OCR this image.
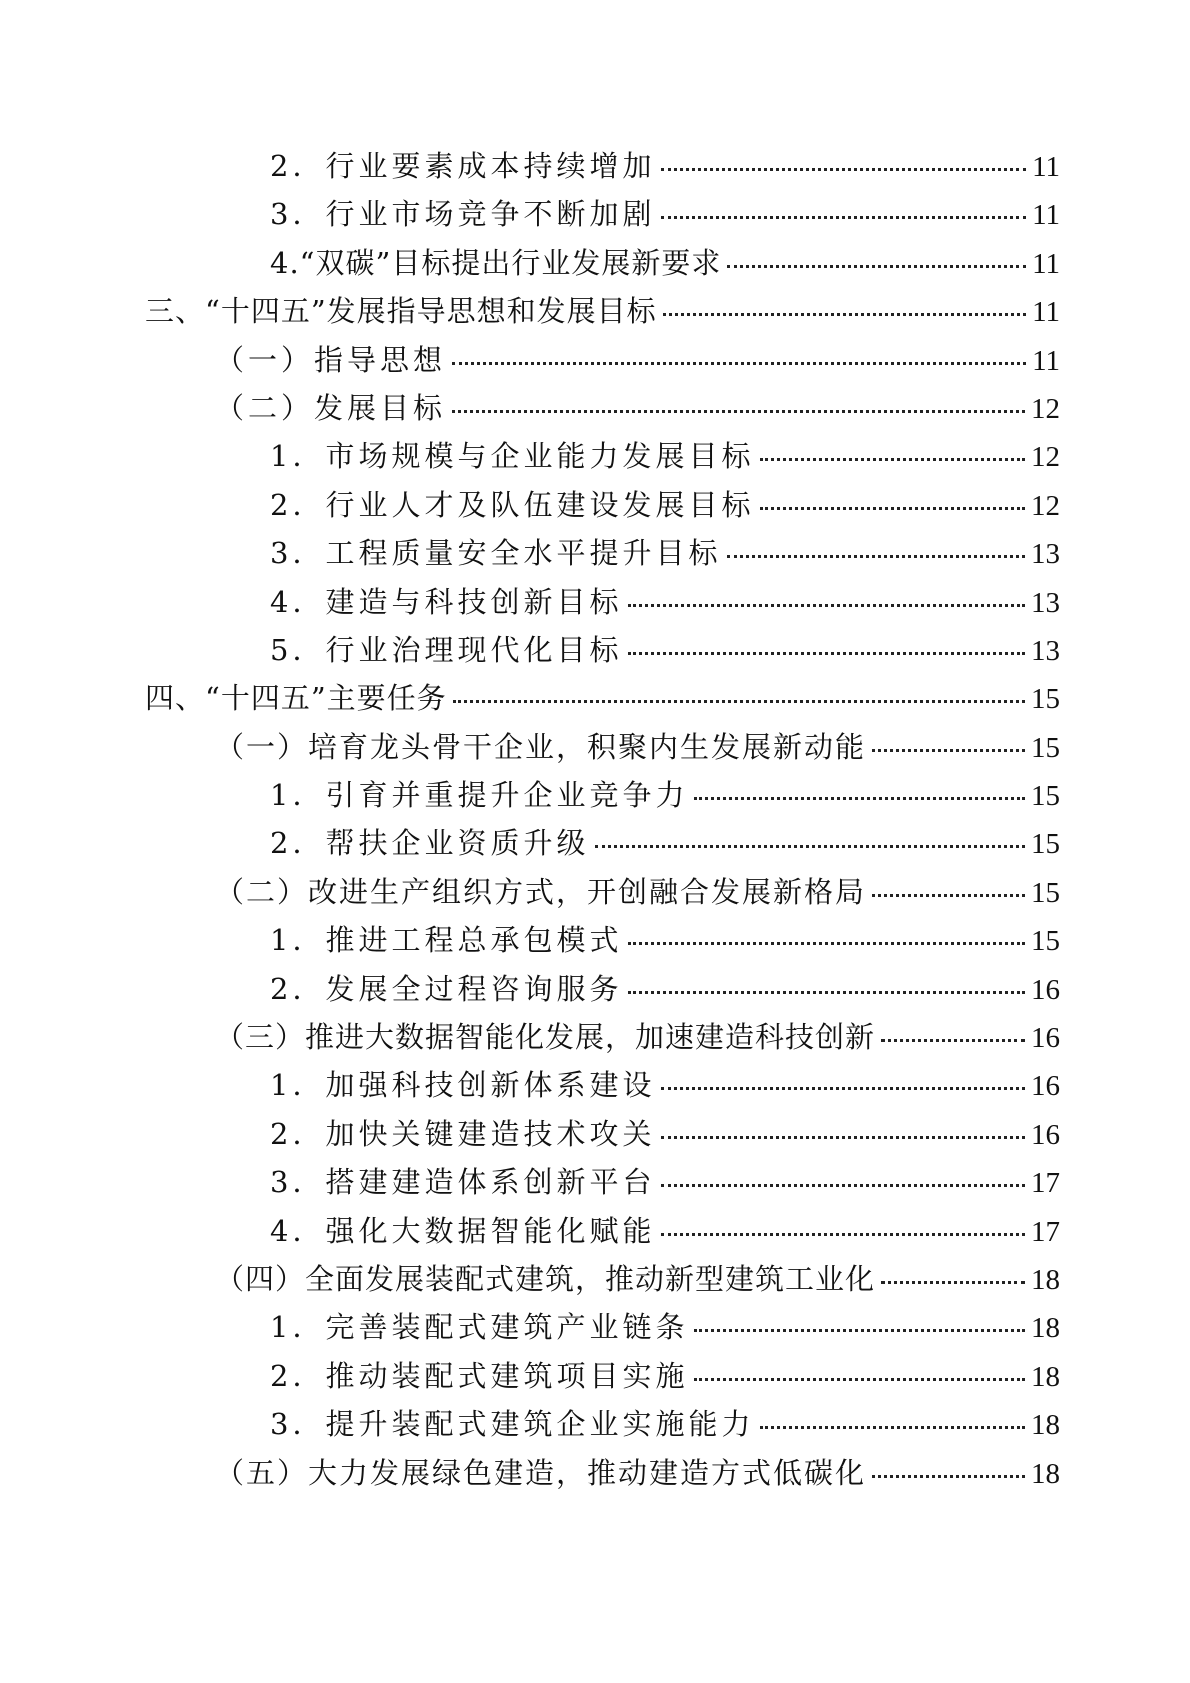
2．行业要素成本持续增加	11
3．行业市场竞争不断加剧	11
4.“双碳”目标提出行业发展新要求	11
三、“十四五”发展指导思想和发展目标	11
（一）指导思想	11
（二）发展目标	12
1．市场规模与企业能力发展目标	12
2．行业人才及队伍建设发展目标	12
3．工程质量安全水平提升目标	13
4．建造与科技创新目标	13
5．行业治理现代化目标	13
四、“十四五”主要任务	15
（一）培育龙头骨干企业，积聚内生发展新动能	15
1．引育并重提升企业竞争力	15
2．帮扶企业资质升级	15
（二）改进生产组织方式，开创融合发展新格局	15
1．推进工程总承包模式	15
2．发展全过程咨询服务	16
（三）推进大数据智能化发展，加速建造科技创新	16
1．加强科技创新体系建设	16
2．加快关键建造技术攻关	16
3．搭建建造体系创新平台	17
4．强化大数据智能化赋能	17
（四）全面发展装配式建筑，推动新型建筑工业化	18
1．完善装配式建筑产业链条	18
2．推动装配式建筑项目实施	18
3．提升装配式建筑企业实施能力	18
（五）大力发展绿色建造，推动建造方式低碳化	18
